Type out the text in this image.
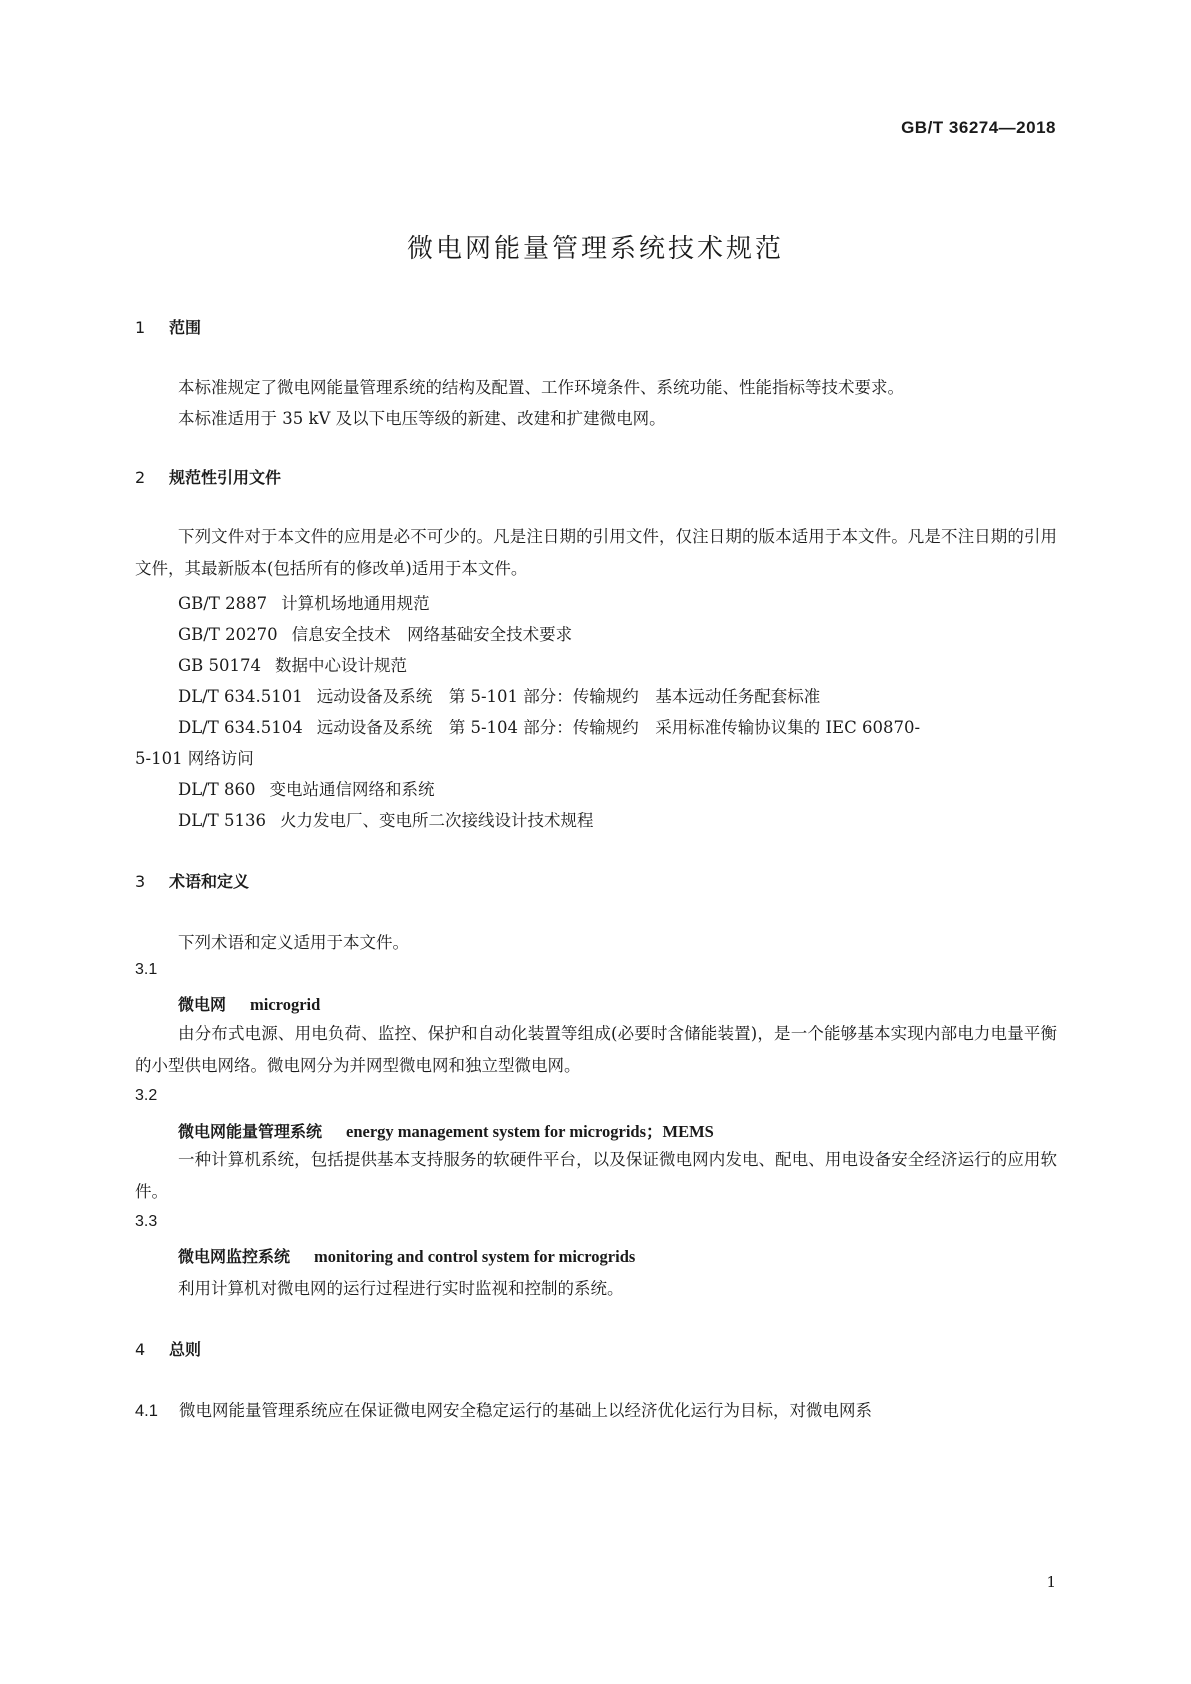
GB/T 36274—2018
微电网能量管理系统技术规范
1 范围
本标准规定了微电网能量管理系统的结构及配置、工作环境条件、系统功能、性能指标等技术要求。
本标准适用于 35 kV 及以下电压等级的新建、改建和扩建微电网。
2 规范性引用文件
下列文件对于本文件的应用是必不可少的。凡是注日期的引用文件，仅注日期的版本适用于本文件。凡是不注日期的引用文件，其最新版本(包括所有的修改单)适用于本文件。
GB/T 2887 计算机场地通用规范
GB/T 20270 信息安全技术　网络基础安全技术要求
GB 50174 数据中心设计规范
DL/T 634.5101 远动设备及系统　第 5-101 部分：传输规约　基本远动任务配套标准
DL/T 634.5104 远动设备及系统　第 5-104 部分：传输规约　采用标准传输协议集的 IEC 60870-
5-101 网络访问
DL/T 860 变电站通信网络和系统
DL/T 5136 火力发电厂、变电所二次接线设计技术规程
3 术语和定义
下列术语和定义适用于本文件。
3.1
微电网 microgrid
由分布式电源、用电负荷、监控、保护和自动化装置等组成(必要时含储能装置)，是一个能够基本实现内部电力电量平衡的小型供电网络。微电网分为并网型微电网和独立型微电网。
3.2
微电网能量管理系统 energy management system for microgrids；MEMS
一种计算机系统，包括提供基本支持服务的软硬件平台，以及保证微电网内发电、配电、用电设备安全经济运行的应用软件。
3.3
微电网监控系统 monitoring and control system for microgrids
利用计算机对微电网的运行过程进行实时监视和控制的系统。
4 总则
4.1 微电网能量管理系统应在保证微电网安全稳定运行的基础上以经济优化运行为目标，对微电网系
1
